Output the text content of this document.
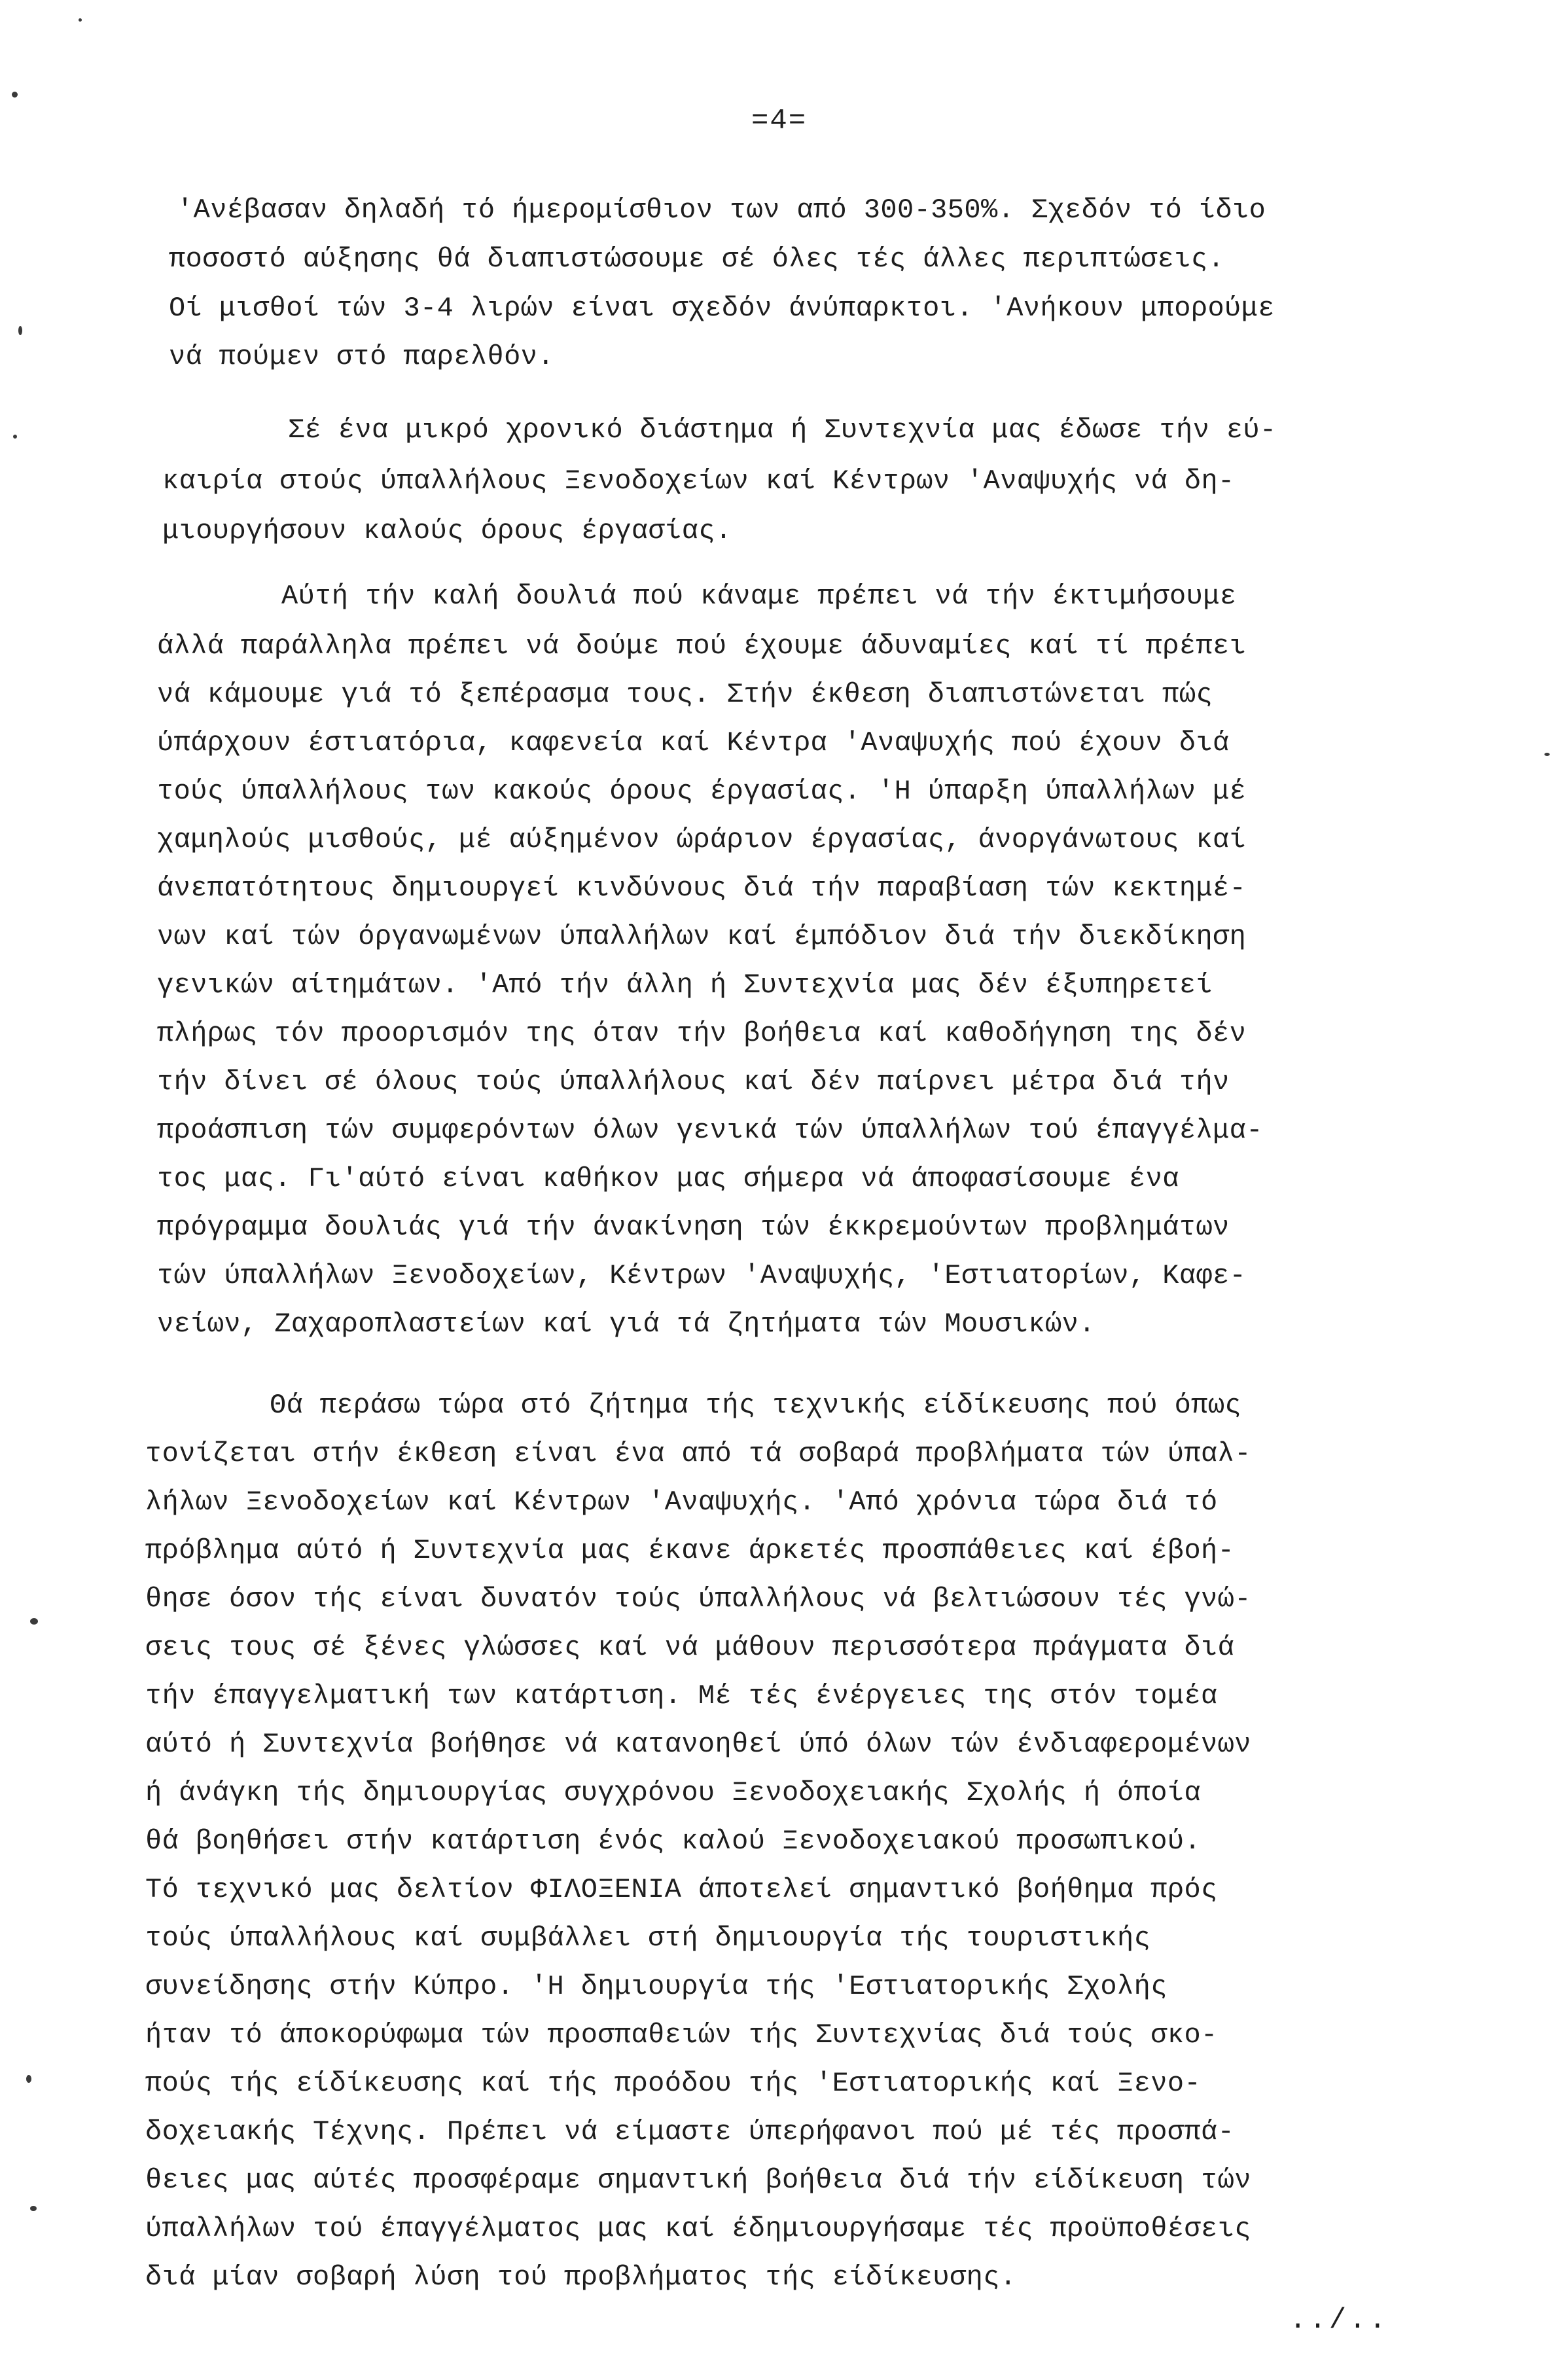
=4=
'Ανέβασαν δηλαδή τό ήμερομίσθιον των από 300-350%. Σχεδόν τό ίδιο
ποσοστό αύξησης θά διαπιστώσουμε σέ όλες τές άλλες περιπτώσεις.
Οί μισθοί τών 3-4 λιρών είναι σχεδόν άνύπαρκτοι. 'Ανήκουν μπορούμε
νά πούμεν στό παρελθόν.
Σέ ένα μικρό χρονικό διάστημα ή Συντεχνία μας έδωσε τήν εύ-
καιρία στούς ύπαλλήλους Ξενοδοχείων καί Κέντρων 'Αναψυχής νά δη-
μιουργήσουν καλούς όρους έργασίας.
Αύτή τήν καλή δουλιά πού κάναμε πρέπει νά τήν έκτιμήσουμε
άλλά παράλληλα πρέπει νά δούμε πού έχουμε άδυναμίες καί τί πρέπει
νά κάμουμε γιά τό ξεπέρασμα τους. Στήν έκθεση διαπιστώνεται πώς
ύπάρχουν έστιατόρια, καφενεία καί Κέντρα 'Αναψυχής πού έχουν διά
τούς ύπαλλήλους των κακούς όρους έργασίας. 'Η ύπαρξη ύπαλλήλων μέ
χαμηλούς μισθούς, μέ αύξημένον ώράριον έργασίας, άνοργάνωτους καί
άνεπατότητους δημιουργεί κινδύνους διά τήν παραβίαση τών κεκτημέ-
νων καί τών όργανωμένων ύπαλλήλων καί έμπόδιον διά τήν διεκδίκηση
γενικών αίτημάτων. 'Από τήν άλλη ή Συντεχνία μας δέν έξυπηρετεί
πλήρως τόν προορισμόν της όταν τήν βοήθεια καί καθοδήγηση της δέν
τήν δίνει σέ όλους τούς ύπαλλήλους καί δέν παίρνει μέτρα διά τήν
προάσπιση τών συμφερόντων όλων γενικά τών ύπαλλήλων τού έπαγγέλμα-
τος μας. Γι'αύτό είναι καθήκον μας σήμερα νά άποφασίσουμε ένα
πρόγραμμα δουλιάς γιά τήν άνακίνηση τών έκκρεμούντων προβλημάτων
τών ύπαλλήλων Ξενοδοχείων, Κέντρων 'Αναψυχής, 'Εστιατορίων, Καφε-
νείων, Ζαχαροπλαστείων καί γιά τά ζητήματα τών Μουσικών.
Θά περάσω τώρα στό ζήτημα τής τεχνικής είδίκευσης πού όπως
τονίζεται στήν έκθεση είναι ένα από τά σοβαρά προβλήματα τών ύπαλ-
λήλων Ξενοδοχείων καί Κέντρων 'Αναψυχής. 'Από χρόνια τώρα διά τό
πρόβλημα αύτό ή Συντεχνία μας έκανε άρκετές προσπάθειες καί έβοή-
θησε όσον τής είναι δυνατόν τούς ύπαλλήλους νά βελτιώσουν τές γνώ-
σεις τους σέ ξένες γλώσσες καί νά μάθουν περισσότερα πράγματα διά
τήν έπαγγελματική των κατάρτιση. Μέ τές ένέργειες της στόν τομέα
αύτό ή Συντεχνία βοήθησε νά κατανοηθεί ύπό όλων τών ένδιαφερομένων
ή άνάγκη τής δημιουργίας συγχρόνου Ξενοδοχειακής Σχολής ή όποία
θά βοηθήσει στήν κατάρτιση ένός καλού Ξενοδοχειακού προσωπικού.
Τό τεχνικό μας δελτίον ΦΙΛΟΞΕΝΙΑ άποτελεί σημαντικό βοήθημα πρός
τούς ύπαλλήλους καί συμβάλλει στή δημιουργία τής τουριστικής
συνείδησης στήν Κύπρο. 'Η δημιουργία τής 'Εστιατορικής Σχολής
ήταν τό άποκορύφωμα τών προσπαθειών τής Συντεχνίας διά τούς σκο-
πούς τής είδίκευσης καί τής προόδου τής 'Εστιατορικής καί Ξενο-
δοχειακής Τέχνης. Πρέπει νά είμαστε ύπερήφανοι πού μέ τές προσπά-
θειες μας αύτές προσφέραμε σημαντική βοήθεια διά τήν είδίκευση τών
ύπαλλήλων τού έπαγγέλματος μας καί έδημιουργήσαμε τές προϋποθέσεις
διά μίαν σοβαρή λύση τού προβλήματος τής είδίκευσης.
../..
